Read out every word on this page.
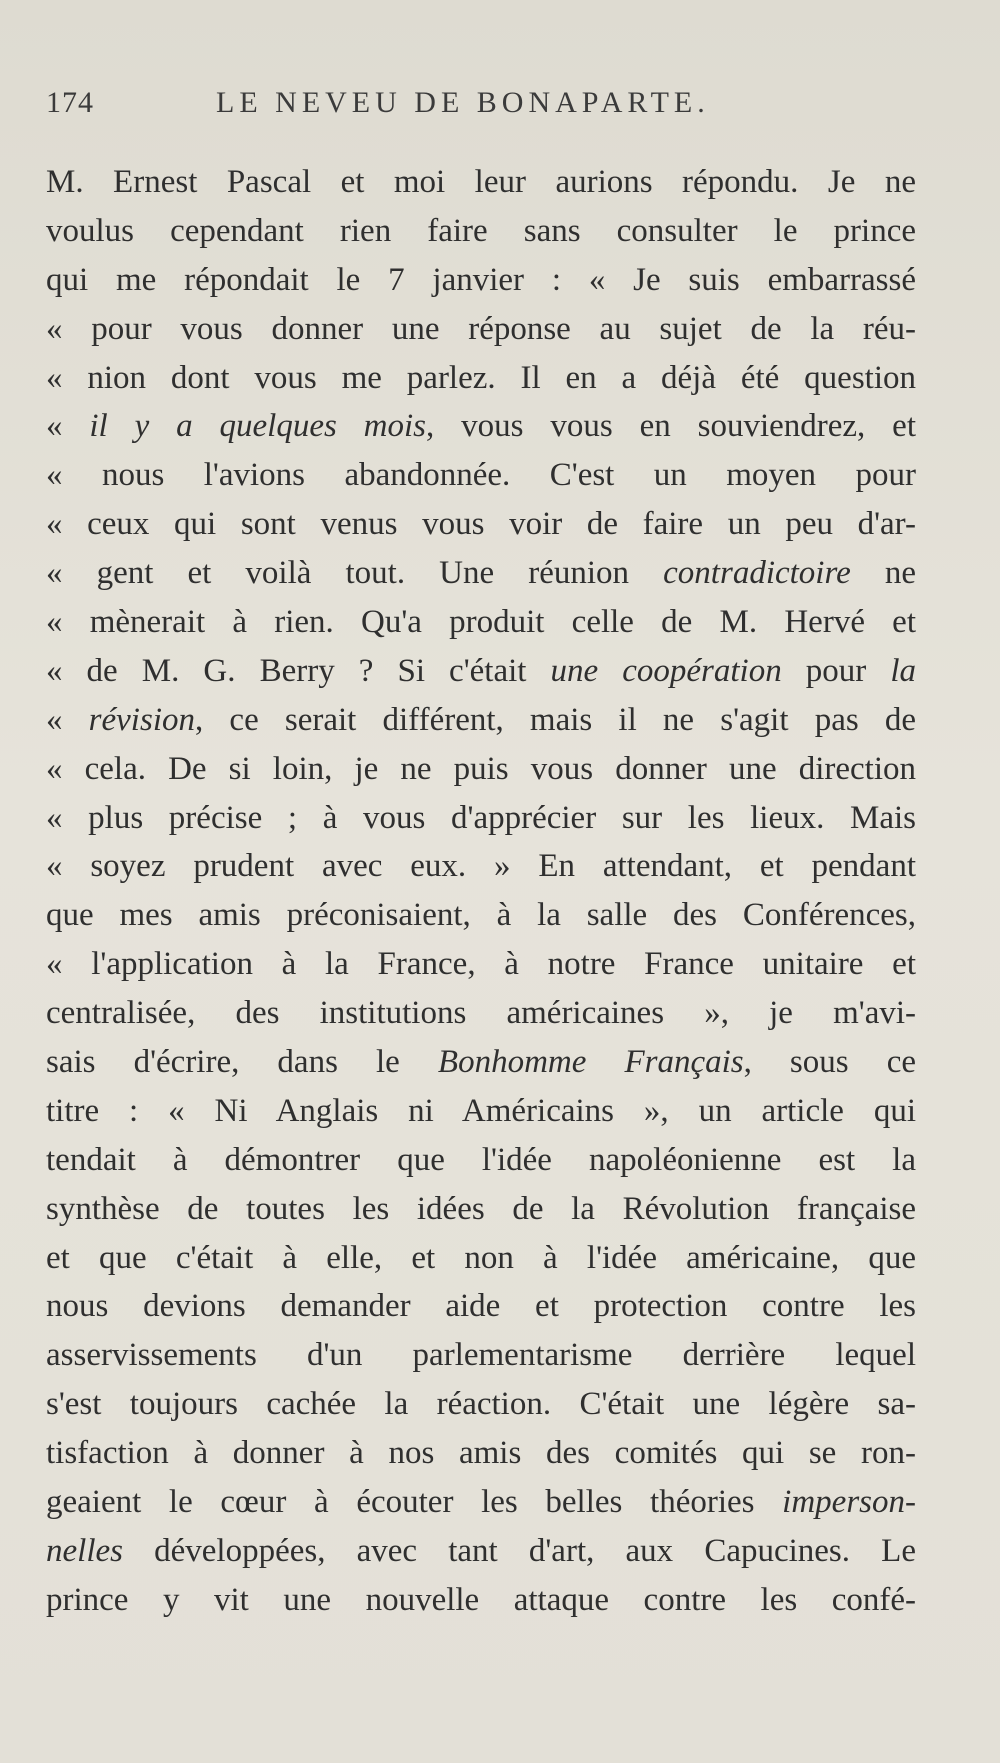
174	LE NEVEU DE BONAPARTE.
M. Ernest Pascal et moi leur aurions répondu. Je ne
voulus cependant rien faire sans consulter le prince
qui me répondait le 7 janvier : « Je suis embarrassé
« pour vous donner une réponse au sujet de la réu-
« nion dont vous me parlez. Il en a déjà été question
« il y a quelques mois, vous vous en souviendrez, et
« nous l'avions abandonnée. C'est un moyen pour
« ceux qui sont venus vous voir de faire un peu d'ar-
« gent et voilà tout. Une réunion contradictoire ne
« mènerait à rien. Qu'a produit celle de M. Hervé et
« de M. G. Berry ? Si c'était une coopération pour la
« révision, ce serait différent, mais il ne s'agit pas de
« cela. De si loin, je ne puis vous donner une direction
« plus précise ; à vous d'apprécier sur les lieux. Mais
« soyez prudent avec eux. » En attendant, et pendant
que mes amis préconisaient, à la salle des Conférences,
« l'application à la France, à notre France unitaire et
centralisée, des institutions américaines », je m'avi-
sais d'écrire, dans le Bonhomme Français, sous ce
titre : « Ni Anglais ni Américains », un article qui
tendait à démontrer que l'idée napoléonienne est la
synthèse de toutes les idées de la Révolution française
et que c'était à elle, et non à l'idée américaine, que
nous devions demander aide et protection contre les
asservissements d'un parlementarisme derrière lequel
s'est toujours cachée la réaction. C'était une légère sa-
tisfaction à donner à nos amis des comités qui se ron-
geaient le cœur à écouter les belles théories imperson-
nelles développées, avec tant d'art, aux Capucines. Le
prince y vit une nouvelle attaque contre les confé-
